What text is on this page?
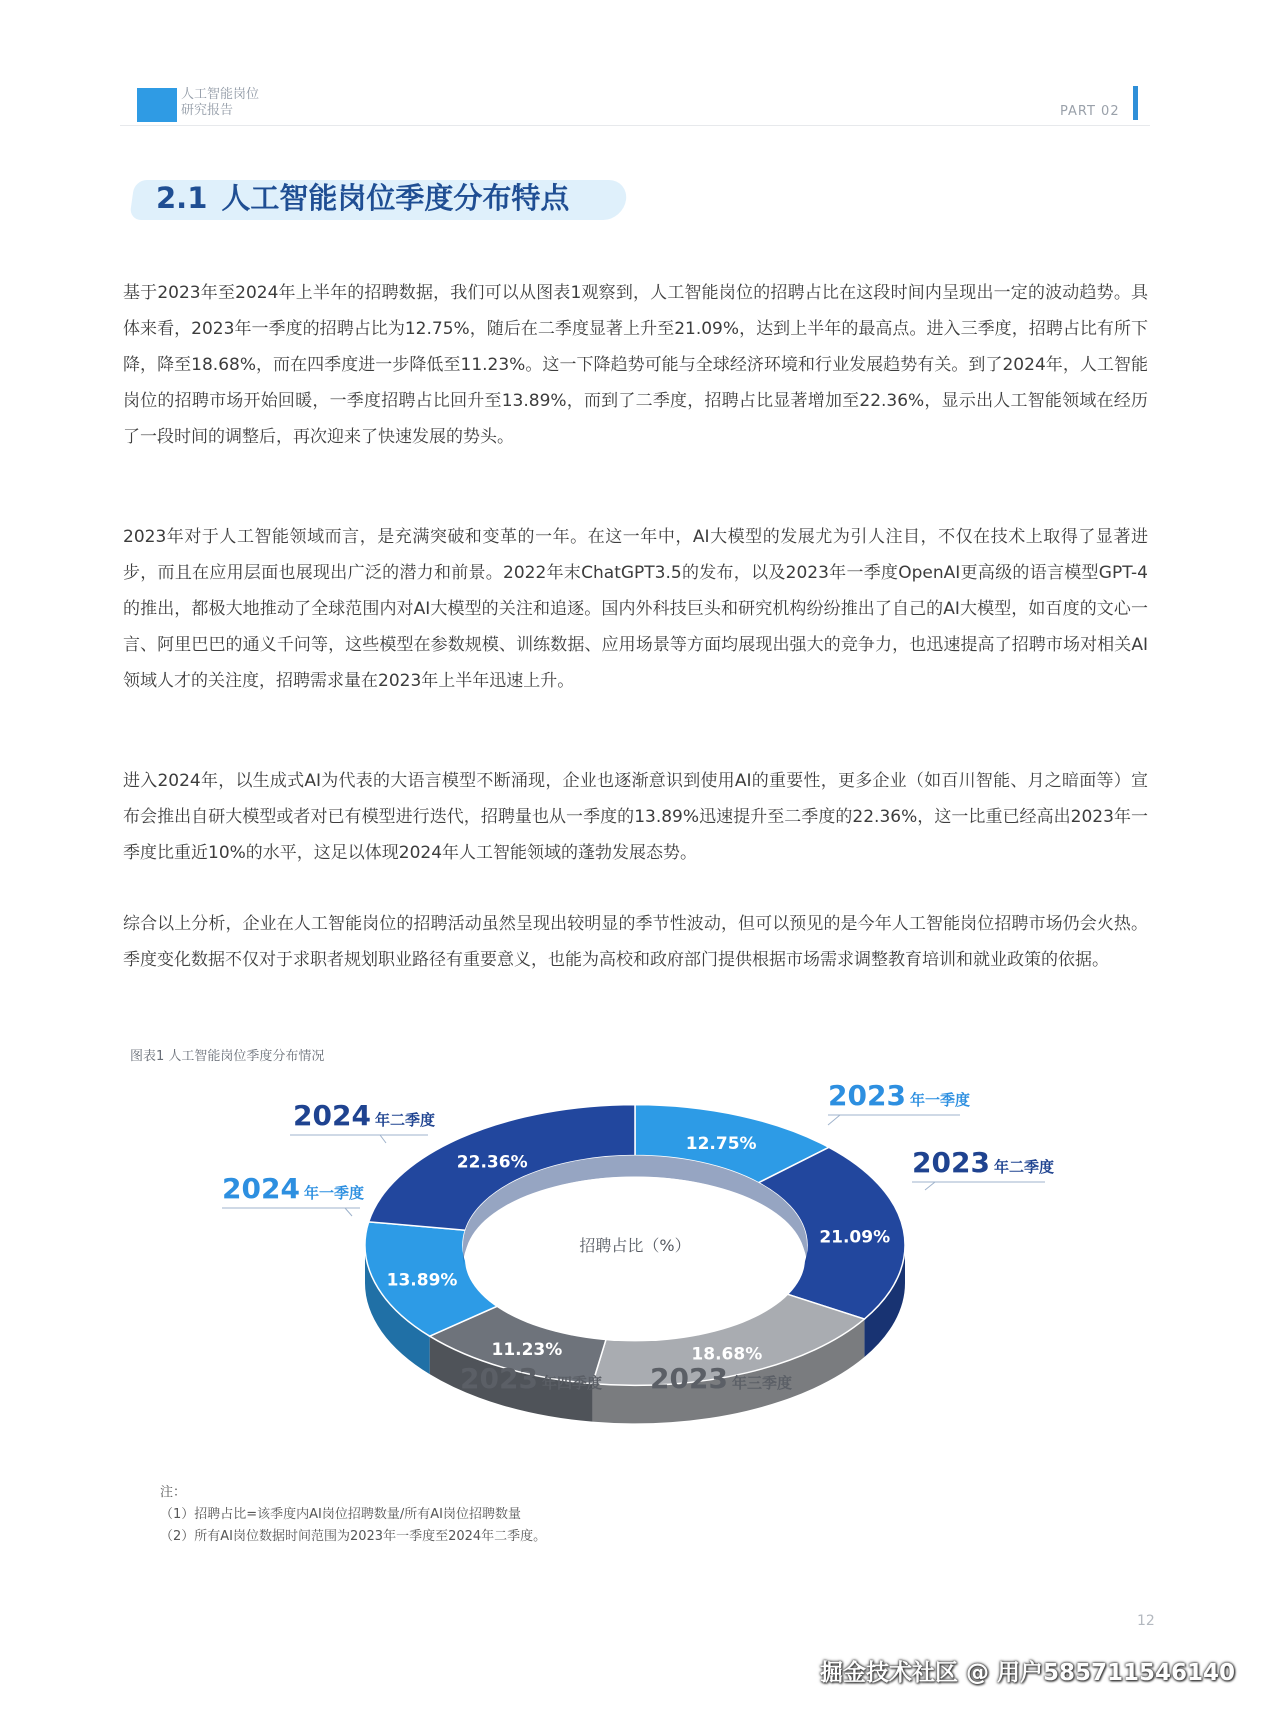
人工智能岗位
研究报告	PART 02
2.1 人工智能岗位季度分布特点

基于2023年至2024年上半年的招聘数据，我们可以从图表1观察到，人工智能岗位的招聘占比在这段时间内呈现出一定的波动趋势。具体来看，2023年一季度的招聘占比为12.75%，随后在二季度显著上升至21.09%，达到上半年的最高点。进入三季度，招聘占比有所下降，降至18.68%，而在四季度进一步降低至11.23%。这一下降趋势可能与全球经济环境和行业发展趋势有关。到了2024年，人工智能岗位的招聘市场开始回暖，一季度招聘占比回升至13.89%，而到了二季度，招聘占比显著增加至22.36%，显示出人工智能领域在经历了一段时间的调整后，再次迎来了快速发展的势头。

2023年对于人工智能领域而言，是充满突破和变革的一年。在这一年中，AI大模型的发展尤为引人注目，不仅在技术上取得了显著进步，而且在应用层面也展现出广泛的潜力和前景。2022年末ChatGPT3.5的发布，以及2023年一季度OpenAI更高级的语言模型GPT-4的推出，都极大地推动了全球范围内对AI大模型的关注和追逐。国内外科技巨头和研究机构纷纷推出了自己的AI大模型，如百度的文心一言、阿里巴巴的通义千问等，这些模型在参数规模、训练数据、应用场景等方面均展现出强大的竞争力，也迅速提高了招聘市场对相关AI领域人才的关注度，招聘需求量在2023年上半年迅速上升。

进入2024年，以生成式AI为代表的大语言模型不断涌现，企业也逐渐意识到使用AI的重要性，更多企业（如百川智能、月之暗面等）宣布会推出自研大模型或者对已有模型进行迭代，招聘量也从一季度的13.89%迅速提升至二季度的22.36%，这一比重已经高出2023年一季度比重近10%的水平，这足以体现2024年人工智能领域的蓬勃发展态势。

综合以上分析，企业在人工智能岗位的招聘活动虽然呈现出较明显的季节性波动，但可以预见的是今年人工智能岗位招聘市场仍会火热。季度变化数据不仅对于求职者规划职业路径有重要意义，也能为高校和政府部门提供根据市场需求调整教育培训和就业政策的依据。

图表1 人工智能岗位季度分布情况
招聘占比（%）
12.75%
21.09%
18.68%
11.23%
13.89%
22.36%
2023 年一季度
2023 年二季度
2023 年三季度
2023 年四季度
2024 年一季度
2024 年二季度
注：
（1）招聘占比=该季度内AI岗位招聘数量/所有AI岗位招聘数量
（2）所有AI岗位数据时间范围为2023年一季度至2024年二季度。
12
掘金技术社区 @ 用户585711546140
